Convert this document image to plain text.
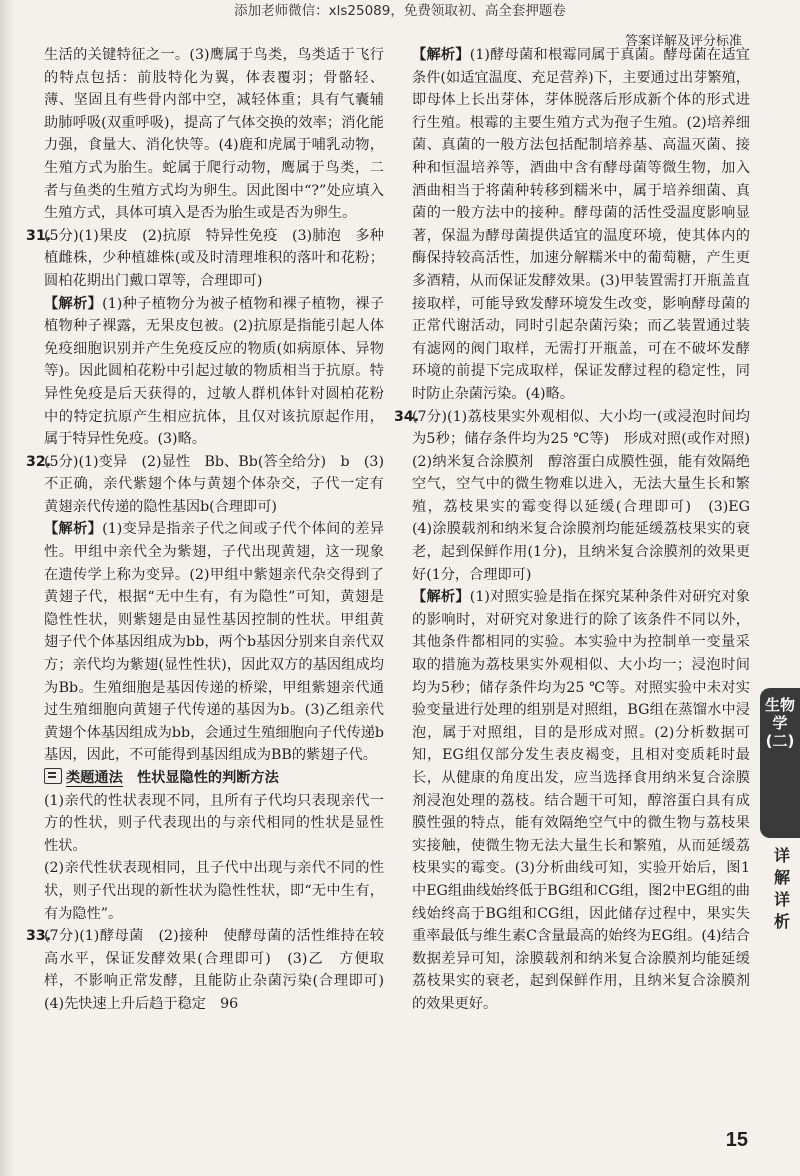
添加老师微信：xls25089，免费领取初、高全套押题卷
答案详解及评分标准

生活的关键特征之一。(3)鹰属于鸟类，鸟类适于飞行的特点包括：前肢特化为翼，体表覆羽；骨骼轻、薄、坚固且有些骨内部中空，减轻体重；具有气囊辅助肺呼吸(双重呼吸)，提高了气体交换的效率；消化能力强，食量大、消化快等。(4)鹿和虎属于哺乳动物，生殖方式为胎生。蛇属于爬行动物，鹰属于鸟类，二者与鱼类的生殖方式均为卵生。因此图中“?”处应填入生殖方式，具体可填入是否为胎生或是否为卵生。

31.(5分)(1)果皮　(2)抗原　特异性免疫　(3)肺泡　多种植雌株，少种植雄株(或及时清理堆积的落叶和花粉；圆柏花期出门戴口罩等，合理即可)

【解析】(1)种子植物分为被子植物和裸子植物，裸子植物种子裸露，无果皮包被。(2)抗原是指能引起人体免疫细胞识别并产生免疫反应的物质(如病原体、异物等)。因此圆柏花粉中引起过敏的物质相当于抗原。特异性免疫是后天获得的，过敏人群机体针对圆柏花粉中的特定抗原产生相应抗体，且仅对该抗原起作用，属于特异性免疫。(3)略。

32.(5分)(1)变异　(2)显性　Bb、Bb(答全给分)　b　(3)不正确，亲代紫翅个体与黄翅个体杂交，子代一定有黄翅亲代传递的隐性基因b(合理即可)

【解析】(1)变异是指亲子代之间或子代个体间的差异性。甲组中亲代全为紫翅，子代出现黄翅，这一现象在遗传学上称为变异。(2)甲组中紫翅亲代杂交得到了黄翅子代，根据“无中生有，有为隐性”可知，黄翅是隐性性状，则紫翅是由显性基因控制的性状。甲组黄翅子代个体基因组成为bb，两个b基因分别来自亲代双方；亲代均为紫翅(显性性状)，因此双方的基因组成均为Bb。生殖细胞是基因传递的桥梁，甲组紫翅亲代通过生殖细胞向黄翅子代传递的基因为b。(3)乙组亲代黄翅个体基因组成为bb，会通过生殖细胞向子代传递b基因，因此，不可能得到基因组成为BB的紫翅子代。

类题通法　 性状显隐性的判断方法

(1)亲代的性状表现不同，且所有子代均只表现亲代一方的性状，则子代表现出的与亲代相同的性状是显性性状。

(2)亲代性状表现相同，且子代中出现与亲代不同的性状，则子代出现的新性状为隐性性状，即“无中生有，有为隐性”。

33.(7分)(1)酵母菌　(2)接种　使酵母菌的活性维持在较高水平，保证发酵效果(合理即可)　(3)乙　方便取样，不影响正常发酵，且能防止杂菌污染(合理即可)　(4)先快速上升后趋于稳定　96

【解析】(1)酵母菌和根霉同属于真菌。酵母菌在适宜条件(如适宜温度、充足营养)下，主要通过出芽繁殖，即母体上长出芽体，芽体脱落后形成新个体的形式进行生殖。根霉的主要生殖方式为孢子生殖。(2)培养细菌、真菌的一般方法包括配制培养基、高温灭菌、接种和恒温培养等，酒曲中含有酵母菌等微生物，加入酒曲相当于将菌种转移到糯米中，属于培养细菌、真菌的一般方法中的接种。酵母菌的活性受温度影响显著，保温为酵母菌提供适宜的温度环境，使其体内的酶保持较高活性，加速分解糯米中的葡萄糖，产生更多酒精，从而保证发酵效果。(3)甲装置需打开瓶盖直接取样，可能导致发酵环境发生改变，影响酵母菌的正常代谢活动，同时引起杂菌污染；而乙装置通过装有滤网的阀门取样，无需打开瓶盖，可在不破坏发酵环境的前提下完成取样，保证发酵过程的稳定性，同时防止杂菌污染。(4)略。

34.(7分)(1)荔枝果实外观相似、大小均一(或浸泡时间均为5秒；储存条件均为25 ℃等)　形成对照(或作对照)　(2)纳米复合涂膜剂　醇溶蛋白成膜性强，能有效隔绝空气，空气中的微生物难以进入，无法大量生长和繁殖，荔枝果实的霉变得以延缓(合理即可)　(3)EG　(4)涂膜载剂和纳米复合涂膜剂均能延缓荔枝果实的衰老，起到保鲜作用(1分)，且纳米复合涂膜剂的效果更好(1分，合理即可)

【解析】(1)对照实验是指在探究某种条件对研究对象的影响时，对研究对象进行的除了该条件不同以外，其他条件都相同的实验。本实验中为控制单一变量采取的措施为荔枝果实外观相似、大小均一；浸泡时间均为5秒；储存条件均为25 ℃等。对照实验中未对实验变量进行处理的组别是对照组，BG组在蒸馏水中浸泡，属于对照组，目的是形成对照。(2)分析数据可知，EG组仅部分发生表皮褐变，且相对变质耗时最长，从健康的角度出发，应当选择食用纳米复合涂膜剂浸泡处理的荔枝。结合题干可知，醇溶蛋白具有成膜性强的特点，能有效隔绝空气中的微生物与荔枝果实接触，使微生物无法大量生长和繁殖，从而延缓荔枝果实的霉变。(3)分析曲线可知，实验开始后，图1中EG组曲线始终低于BG组和CG组，图2中EG组的曲线始终高于BG组和CG组，因此储存过程中，果实失重率最低与维生素C含量最高的始终为EG组。(4)结合数据差异可知，涂膜载剂和纳米复合涂膜剂均能延缓荔枝果实的衰老，起到保鲜作用，且纳米复合涂膜剂的效果更好。

生物学(二)
详解详析
15
